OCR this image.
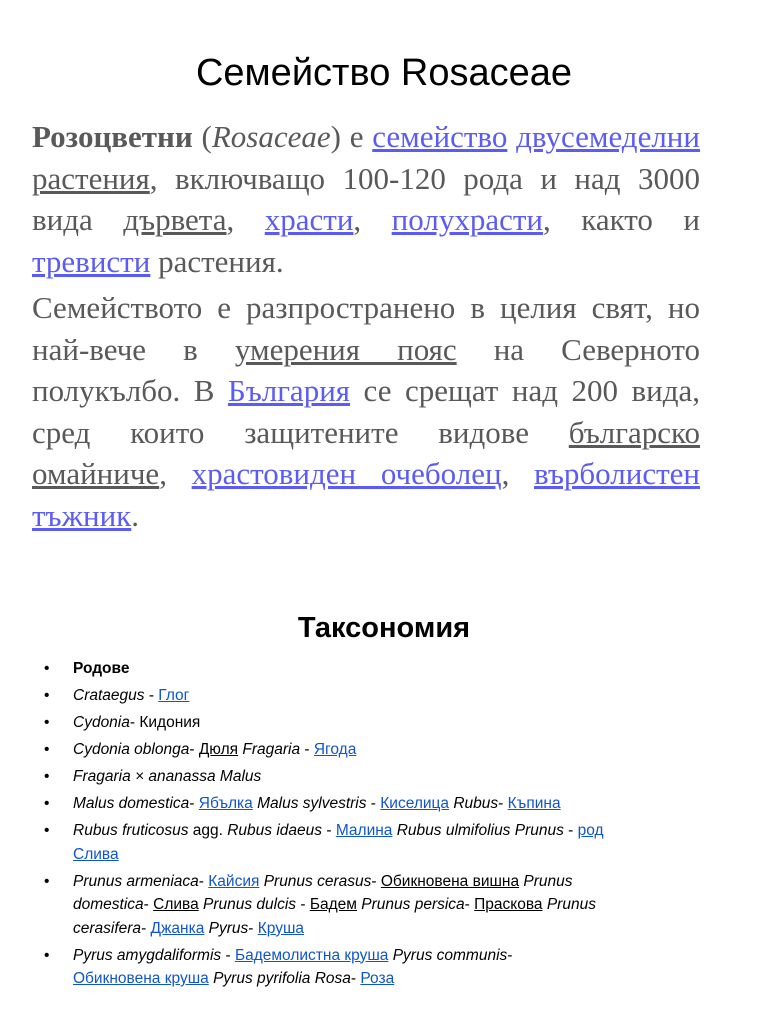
Семейство Rosaceae

Розоцветни (Rosaceae) е семейство двусемеделни растения, включващо 100-120 рода и над 3000 вида дървета, храсти, полухрасти, както и тревисти растения.

Семейството е разпространено в целия свят, но най-вече в умерения пояс на Северното полукълбо. В България се срещат над 200 вида, сред които защитените видове българско омайниче, храстовиден очеболец, върболистен тъжник.

Таксономия
• Родове
• Crataegus - Глог
• Cydonia- Кидония
• Cydonia oblonga- Дюля Fragaria - Ягода
• Fragaria × ananassa Malus
• Malus domestica- Ябълка Malus sylvestris - Киселица Rubus- Къпина
• Rubus fruticosus agg. Rubus idaeus - Малина Rubus ulmifolius Prunus - род Слива
• Prunus armeniaca- Кайсия Prunus cerasus- Обикновена вишна Prunus domestica- Слива Prunus dulcis - Бадем Prunus persica- Праскова Prunus cerasifera- Джанка Pyrus- Круша
• Pyrus amygdaliformis - Бадемолистна круша Pyrus communis- Обикновена круша Pyrus pyrifolia Rosa- Роза
